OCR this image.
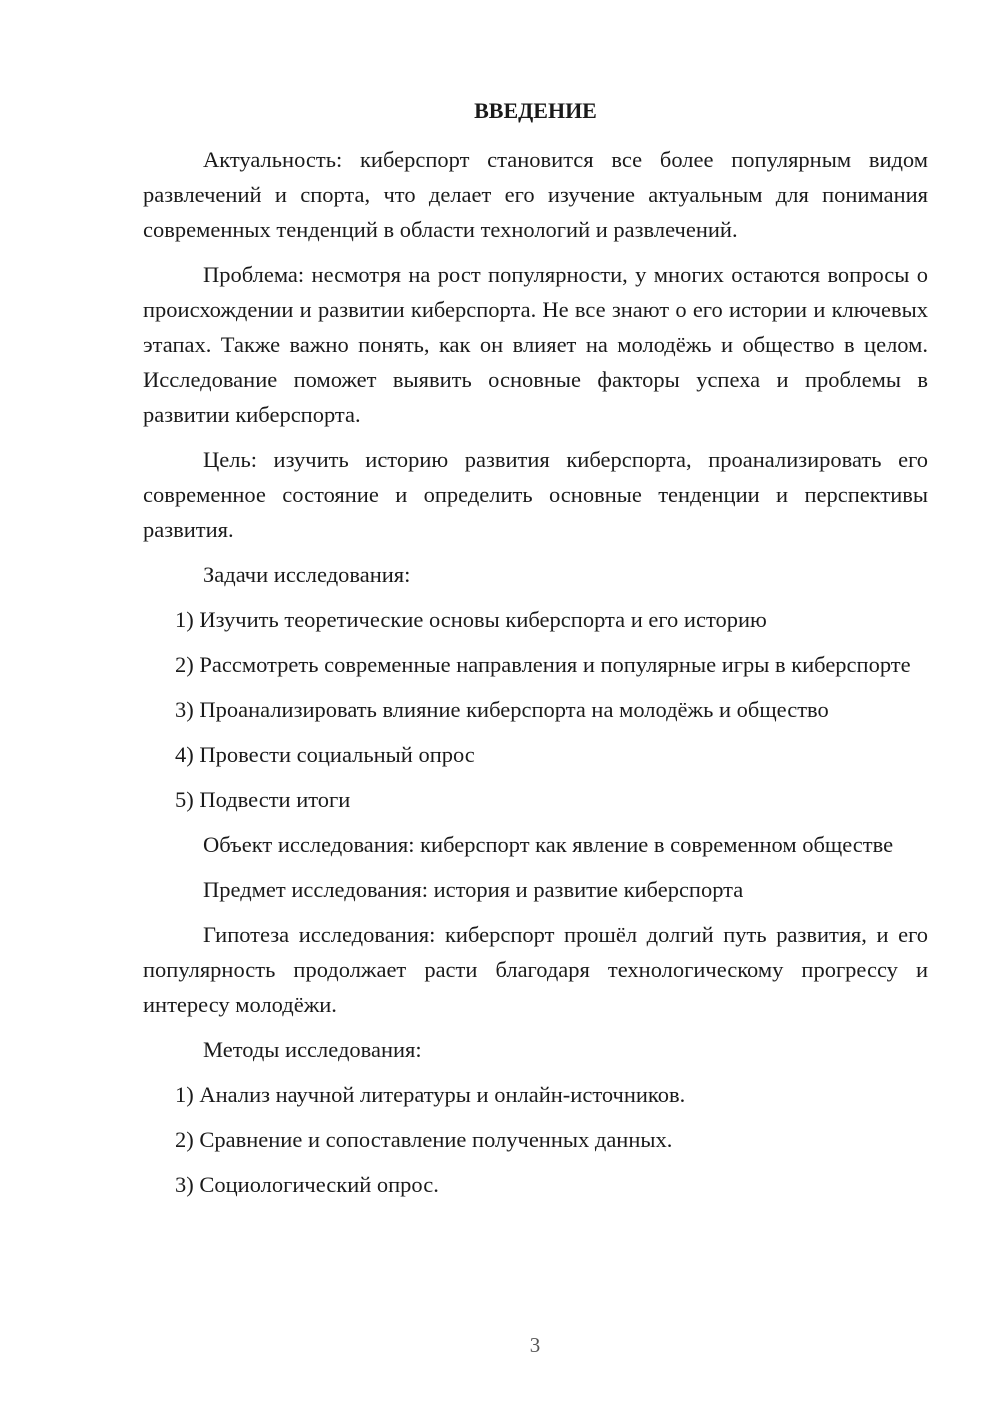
ВВЕДЕНИЕ

Актуальность: киберспорт становится все более популярным видом развлечений и спорта, что делает его изучение актуальным для понимания современных тенденций в области технологий и развлечений.

Проблема: несмотря на рост популярности, у многих остаются вопросы о происхождении и развитии киберспорта. Не все знают о его истории и ключевых этапах. Также важно понять, как он влияет на молодёжь и общество в целом. Исследование поможет выявить основные факторы успеха и проблемы в развитии киберспорта.

Цель: изучить историю развития киберспорта, проанализировать его современное состояние и определить основные тенденции и перспективы развития.

Задачи исследования:

1) Изучить теоретические основы киберспорта и его историю

2) Рассмотреть современные направления и популярные игры в киберспорте

3) Проанализировать влияние киберспорта на молодёжь и общество

4) Провести социальный опрос

5) Подвести итоги

Объект исследования: киберспорт как явление в современном обществе

Предмет исследования: история и развитие киберспорта

Гипотеза исследования: киберспорт прошёл долгий путь развития, и его популярность продолжает расти благодаря технологическому прогрессу и интересу молодёжи.

Методы исследования:

1) Анализ научной литературы и онлайн-источников.

2) Сравнение и сопоставление полученных данных.

3) Социологический опрос.

3
